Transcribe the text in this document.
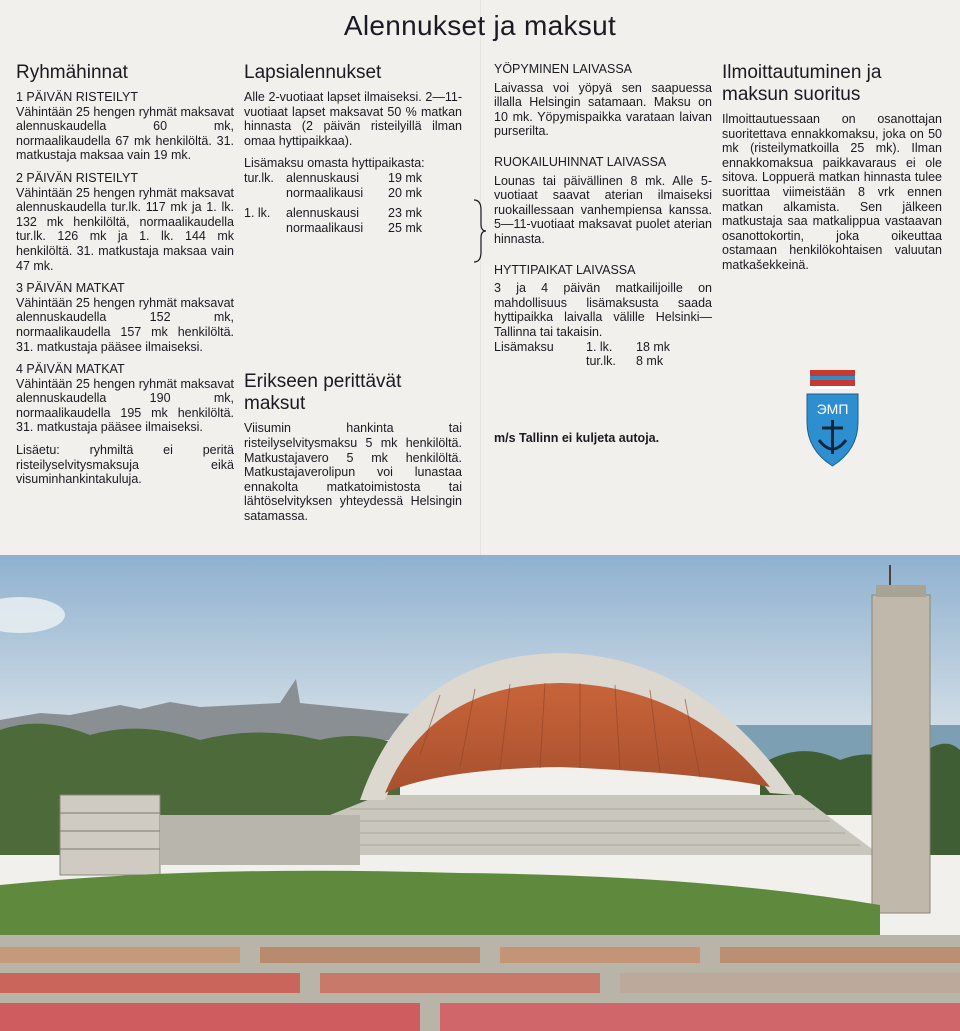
Alennukset ja maksut
Ryhmähinnat

1 PÄIVÄN RISTEILYT

Vähintään 25 hengen ryhmät maksavat alennuskaudella 60 mk, normaalikaudella 67 mk henkilöltä. 31. matkustaja maksaa vain 19 mk.

2 PÄIVÄN RISTEILYT

Vähintään 25 hengen ryhmät maksavat alennuskaudella tur.lk. 117 mk ja 1. lk. 132 mk henkilöltä, normaalikaudella tur.lk. 126 mk ja 1. lk. 144 mk henkilöltä. 31. matkustaja maksaa vain 47 mk.

3 PÄIVÄN MATKAT

Vähintään 25 hengen ryhmät maksavat alennuskaudella 152 mk, normaalikaudella 157 mk henkilöltä. 31. matkustaja pääsee ilmaiseksi.

4 PÄIVÄN MATKAT

Vähintään 25 hengen ryhmät maksavat alennuskaudella 190 mk, normaalikaudella 195 mk henkilöltä. 31. matkustaja pääsee ilmaiseksi.

Lisäetu: ryhmiltä ei peritä risteilyselvitysmaksuja eikä visuminhankintakuluja.

Lapsialennukset

Alle 2-vuotiaat lapset ilmaiseksi. 2—11-vuotiaat lapset maksavat 50 % matkan hinnasta (2 päivän risteilyillä ilman omaa hyttipaikkaa).

Lisämaksu omasta hyttipaikasta:

tur.lk. alennuskausi	19 mk
normaalikausi	20 mk
1. lk.	alennuskausi	23 mk
normaalikausi	25 mk
Erikseen perittävät maksut

Viisumin hankinta tai risteilyselvitysmaksu 5 mk henkilöltä. Matkustajavero 5 mk henkilöltä. Matkustajaverolipun voi lunastaa ennakolta matkatoimistosta tai lähtöselvityksen yhteydessä Helsingin satamassa.

YÖPYMINEN LAIVASSA

Laivassa voi yöpyä sen saapuessa illalla Helsingin satamaan. Maksu on 10 mk. Yöpymispaikka varataan laivan purserilta.

RUOKAILUHINNAT LAIVASSA

Lounas tai päivällinen 8 mk. Alle 5-vuotiaat saavat aterian ilmaiseksi ruokaillessaan vanhempiensa kanssa. 5—11-vuotiaat maksavat puolet aterian hinnasta.

HYTTIPAIKAT LAIVASSA

3 ja 4 päivän matkailijoille on mahdollisuus lisämaksusta saada hyttipaikka laivalla välille Helsinki—Tallinna tai takaisin.

Lisämaksu	1. lk.	18 mk
tur.lk.	8 mk

m/s Tallinn ei kuljeta autoja.

Ilmoittautuminen ja maksun suoritus

Ilmoittautuessaan on osanottajan suoritettava ennakkomaksu, joka on 50 mk (risteilymatkoilla 25 mk). Ilman ennakkomaksua paikkavaraus ei ole sitova. Loppuerä matkan hinnasta tulee suorittaa viimeistään 8 vrk ennen matkan alkamista. Sen jälkeen matkustaja saa matkalippua vastaavan osanottokortin, joka oikeuttaa ostamaan henkilökohtaisen valuutan matkašekkeinä.

ЭМП
